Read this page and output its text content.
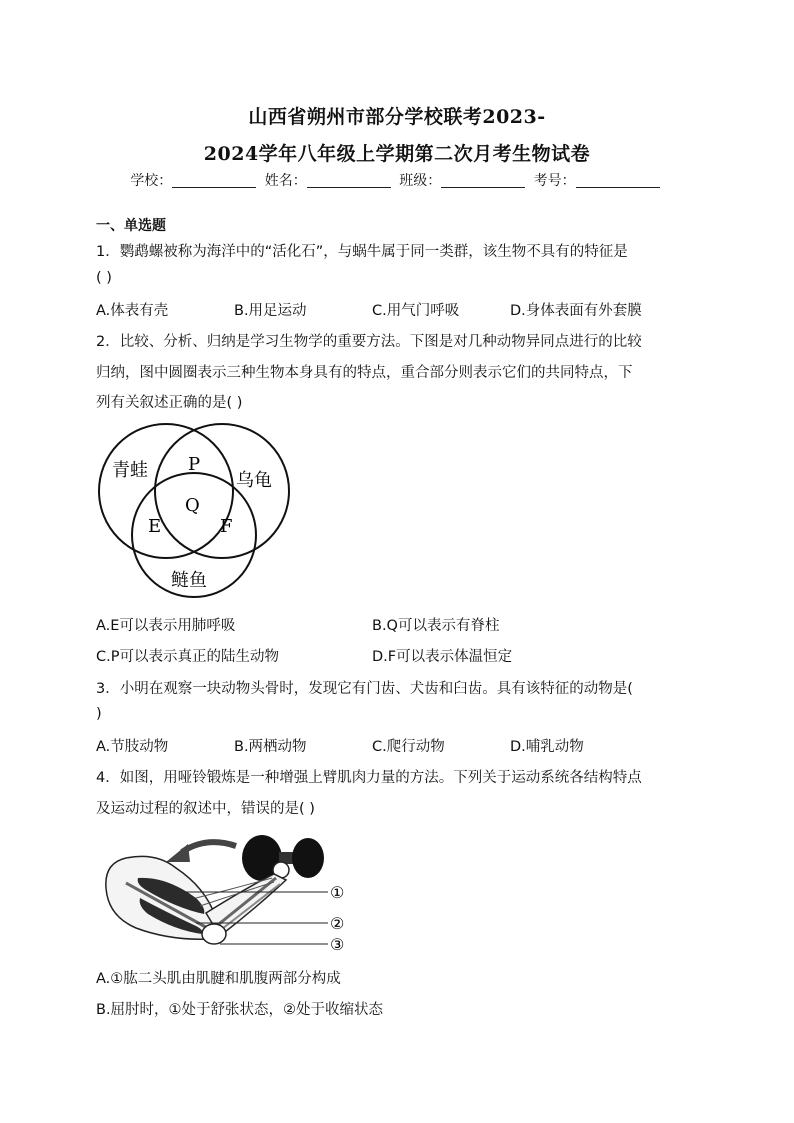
山西省朔州市部分学校联考2023-
2024学年八年级上学期第二次月考生物试卷
学校：	姓名：	班级：	考号：
一、单选题
1．鹦鹉螺被称为海洋中的“活化石”，与蜗牛属于同一类群，该生物不具有的特征是
( )
A.体表有壳	B.用足运动	C.用气门呼吸	D.身体表面有外套膜
2．比较、分析、归纳是学习生物学的重要方法。下图是对几种动物异同点进行的比较
归纳，图中圆圈表示三种生物本身具有的特点，重合部分则表示它们的共同特点，下
列有关叙述正确的是( )
青蛙	乌龟
鲢鱼
P
Q
E	F
A.E可以表示用肺呼吸	B.Q可以表示有脊柱
C.P可以表示真正的陆生动物	D.F可以表示体温恒定
3．小明在观察一块动物头骨时，发现它有门齿、犬齿和臼齿。具有该特征的动物是(
)
A.节肢动物	B.两栖动物	C.爬行动物	D.哺乳动物
4．如图，用哑铃锻炼是一种增强上臂肌肉力量的方法。下列关于运动系统各结构特点
及运动过程的叙述中，错误的是( )
①
②
③
A.①肱二头肌由肌腱和肌腹两部分构成
B.屈肘时，①处于舒张状态，②处于收缩状态
